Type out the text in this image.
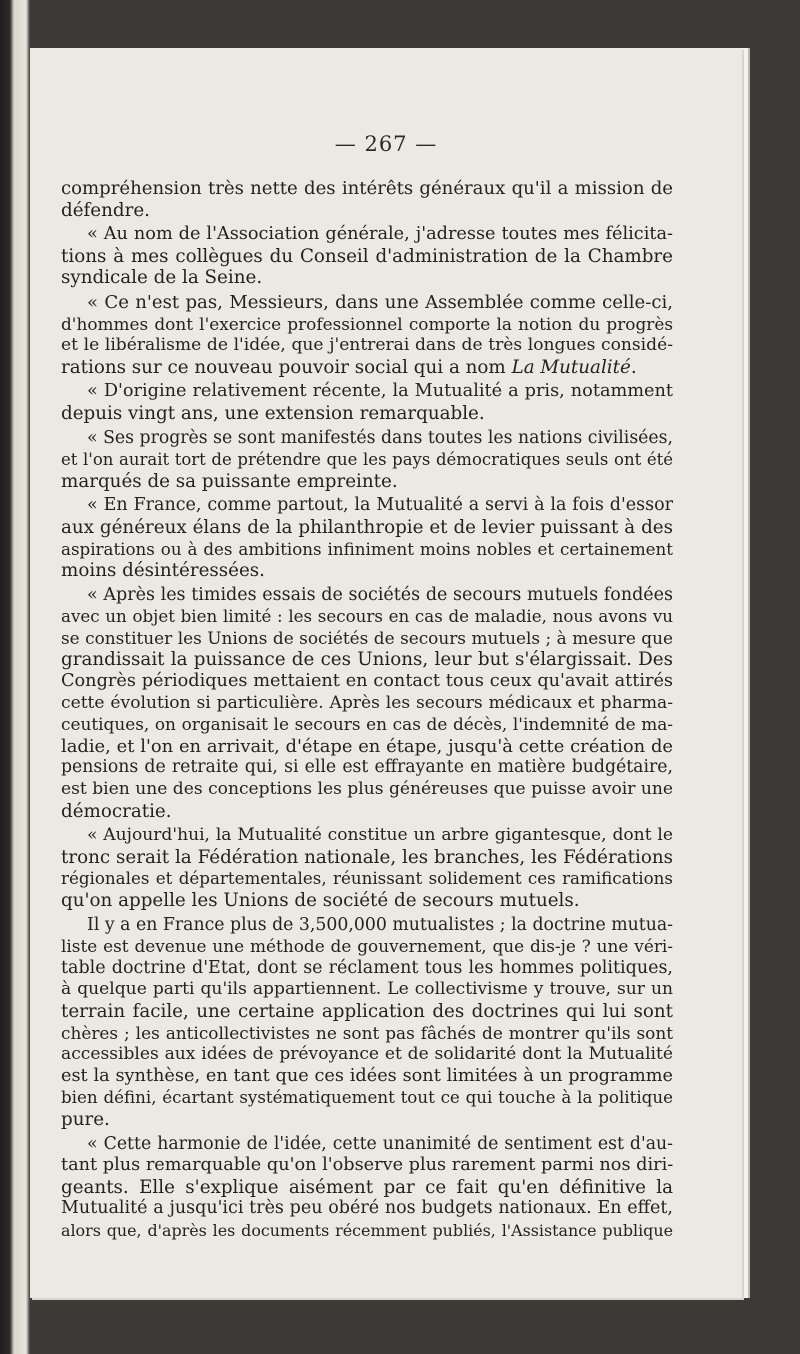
— 267 —
compréhension très nette des intérêts généraux qu'il a mission de
défendre.
« Au nom de l'Association générale, j'adresse toutes mes félicita-
tions à mes collègues du Conseil d'administration de la Chambre
syndicale de la Seine.
« Ce n'est pas, Messieurs, dans une Assemblée comme celle-ci,
d'hommes dont l'exercice professionnel comporte la notion du progrès
et le libéralisme de l'idée, que j'entrerai dans de très longues considé-
rations sur ce nouveau pouvoir social qui a nom La Mutualité.
« D'origine relativement récente, la Mutualité a pris, notamment
depuis vingt ans, une extension remarquable.
« Ses progrès se sont manifestés dans toutes les nations civilisées,
et l'on aurait tort de prétendre que les pays démocratiques seuls ont été
marqués de sa puissante empreinte.
« En France, comme partout, la Mutualité a servi à la fois d'essor
aux généreux élans de la philanthropie et de levier puissant à des
aspirations ou à des ambitions infiniment moins nobles et certainement
moins désintéressées.
« Après les timides essais de sociétés de secours mutuels fondées
avec un objet bien limité : les secours en cas de maladie, nous avons vu
se constituer les Unions de sociétés de secours mutuels ; à mesure que
grandissait la puissance de ces Unions, leur but s'élargissait. Des
Congrès périodiques mettaient en contact tous ceux qu'avait attirés
cette évolution si particulière. Après les secours médicaux et pharma-
ceutiques, on organisait le secours en cas de décès, l'indemnité de ma-
ladie, et l'on en arrivait, d'étape en étape, jusqu'à cette création de
pensions de retraite qui, si elle est effrayante en matière budgétaire,
est bien une des conceptions les plus généreuses que puisse avoir une
démocratie.
« Aujourd'hui, la Mutualité constitue un arbre gigantesque, dont le
tronc serait la Fédération nationale, les branches, les Fédérations
régionales et départementales, réunissant solidement ces ramifications
qu'on appelle les Unions de société de secours mutuels.
Il y a en France plus de 3,500,000 mutualistes ; la doctrine mutua-
liste est devenue une méthode de gouvernement, que dis-je ? une véri-
table doctrine d'Etat, dont se réclament tous les hommes politiques,
à quelque parti qu'ils appartiennent. Le collectivisme y trouve, sur un
terrain facile, une certaine application des doctrines qui lui sont
chères ; les anticollectivistes ne sont pas fâchés de montrer qu'ils sont
accessibles aux idées de prévoyance et de solidarité dont la Mutualité
est la synthèse, en tant que ces idées sont limitées à un programme
bien défini, écartant systématiquement tout ce qui touche à la politique
pure.
« Cette harmonie de l'idée, cette unanimité de sentiment est d'au-
tant plus remarquable qu'on l'observe plus rarement parmi nos diri-
geants. Elle s'explique aisément par ce fait qu'en définitive la
Mutualité a jusqu'ici très peu obéré nos budgets nationaux. En effet,
alors que, d'après les documents récemment publiés, l'Assistance publique
